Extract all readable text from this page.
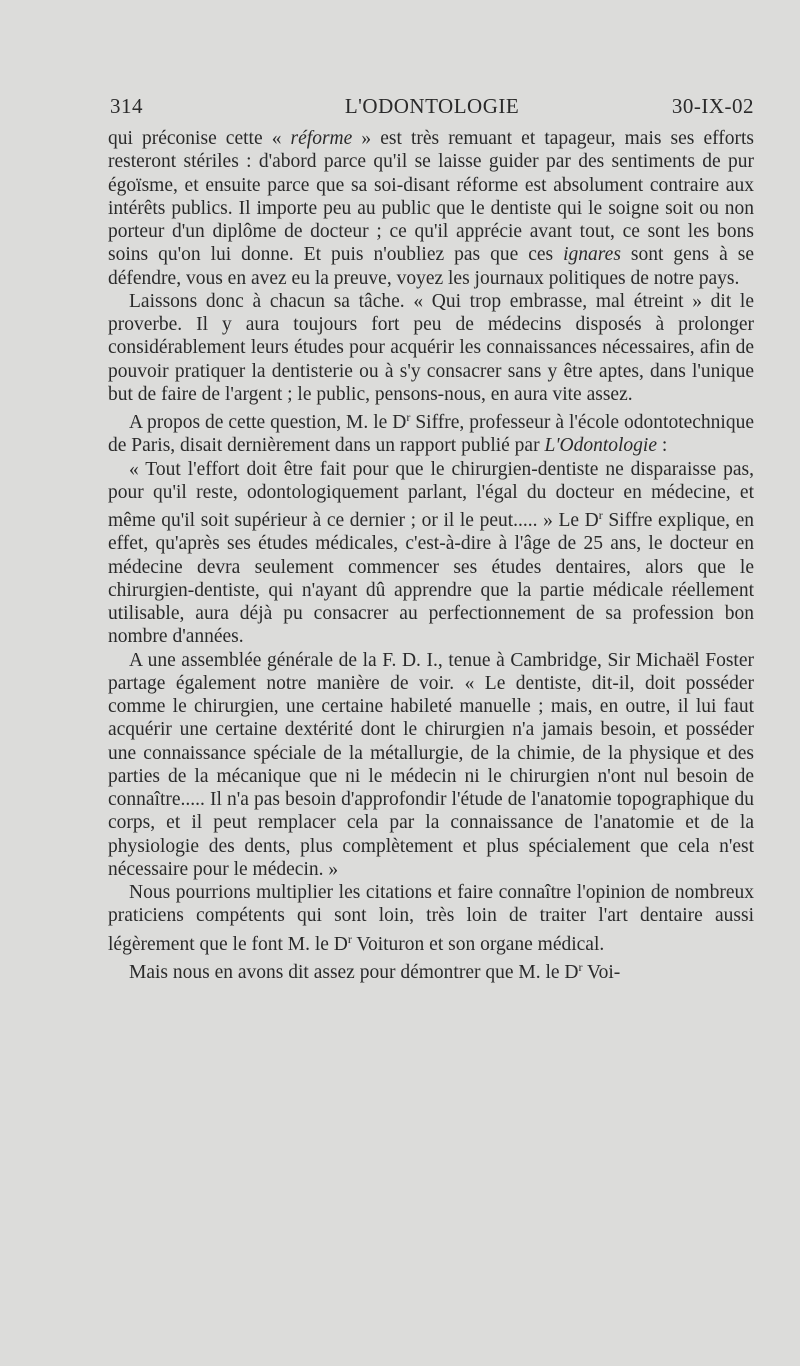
314	L'ODONTOLOGIE	30-IX-02

qui préconise cette « réforme » est très remuant et tapageur, mais ses efforts resteront stériles : d'abord parce qu'il se laisse guider par des sentiments de pur égoïsme, et ensuite parce que sa soi-disant réforme est absolument contraire aux intérêts publics. Il importe peu au public que le dentiste qui le soigne soit ou non porteur d'un diplôme de docteur ; ce qu'il apprécie avant tout, ce sont les bons soins qu'on lui donne. Et puis n'oubliez pas que ces ignares sont gens à se défendre, vous en avez eu la preuve, voyez les journaux politiques de notre pays.

Laissons donc à chacun sa tâche. « Qui trop embrasse, mal étreint » dit le proverbe. Il y aura toujours fort peu de médecins disposés à prolonger considérablement leurs études pour acquérir les connaissances nécessaires, afin de pouvoir pratiquer la dentisterie ou à s'y consacrer sans y être aptes, dans l'unique but de faire de l'argent ; le public, pensons-nous, en aura vite assez.

A propos de cette question, M. le $D^r$ Siffre, professeur à l'école odontotechnique de Paris, disait dernièrement dans un rapport publié par L'Odontologie :

« Tout l'effort doit être fait pour que le chirurgien-dentiste ne disparaisse pas, pour qu'il reste, odontologiquement parlant, l'égal du docteur en médecine, et même qu'il soit supérieur à ce dernier ; or il le peut..... » Le $D^r$ Siffre explique, en effet, qu'après ses études médicales, c'est-à-dire à l'âge de 25 ans, le docteur en médecine devra seulement commencer ses études dentaires, alors que le chirurgien-dentiste, qui n'ayant dû apprendre que la partie médicale réellement utilisable, aura déjà pu consacrer au perfectionnement de sa profession bon nombre d'années.

A une assemblée générale de la F. D. I., tenue à Cambridge, Sir Michaël Foster partage également notre manière de voir. « Le dentiste, dit-il, doit posséder comme le chirurgien, une certaine habileté manuelle ; mais, en outre, il lui faut acquérir une certaine dextérité dont le chirurgien n'a jamais besoin, et posséder une connaissance spéciale de la métallurgie, de la chimie, de la physique et des parties de la mécanique que ni le médecin ni le chirurgien n'ont nul besoin de connaître..... Il n'a pas besoin d'approfondir l'étude de l'anatomie topographique du corps, et il peut remplacer cela par la connaissance de l'anatomie et de la physiologie des dents, plus complètement et plus spécialement que cela n'est nécessaire pour le médecin. »

Nous pourrions multiplier les citations et faire connaître l'opinion de nombreux praticiens compétents qui sont loin, très loin de traiter l'art dentaire aussi légèrement que le font M. le $D^r$ Voituron et son organe médical.

Mais nous en avons dit assez pour démontrer que M. le $D^r$ Voi-
